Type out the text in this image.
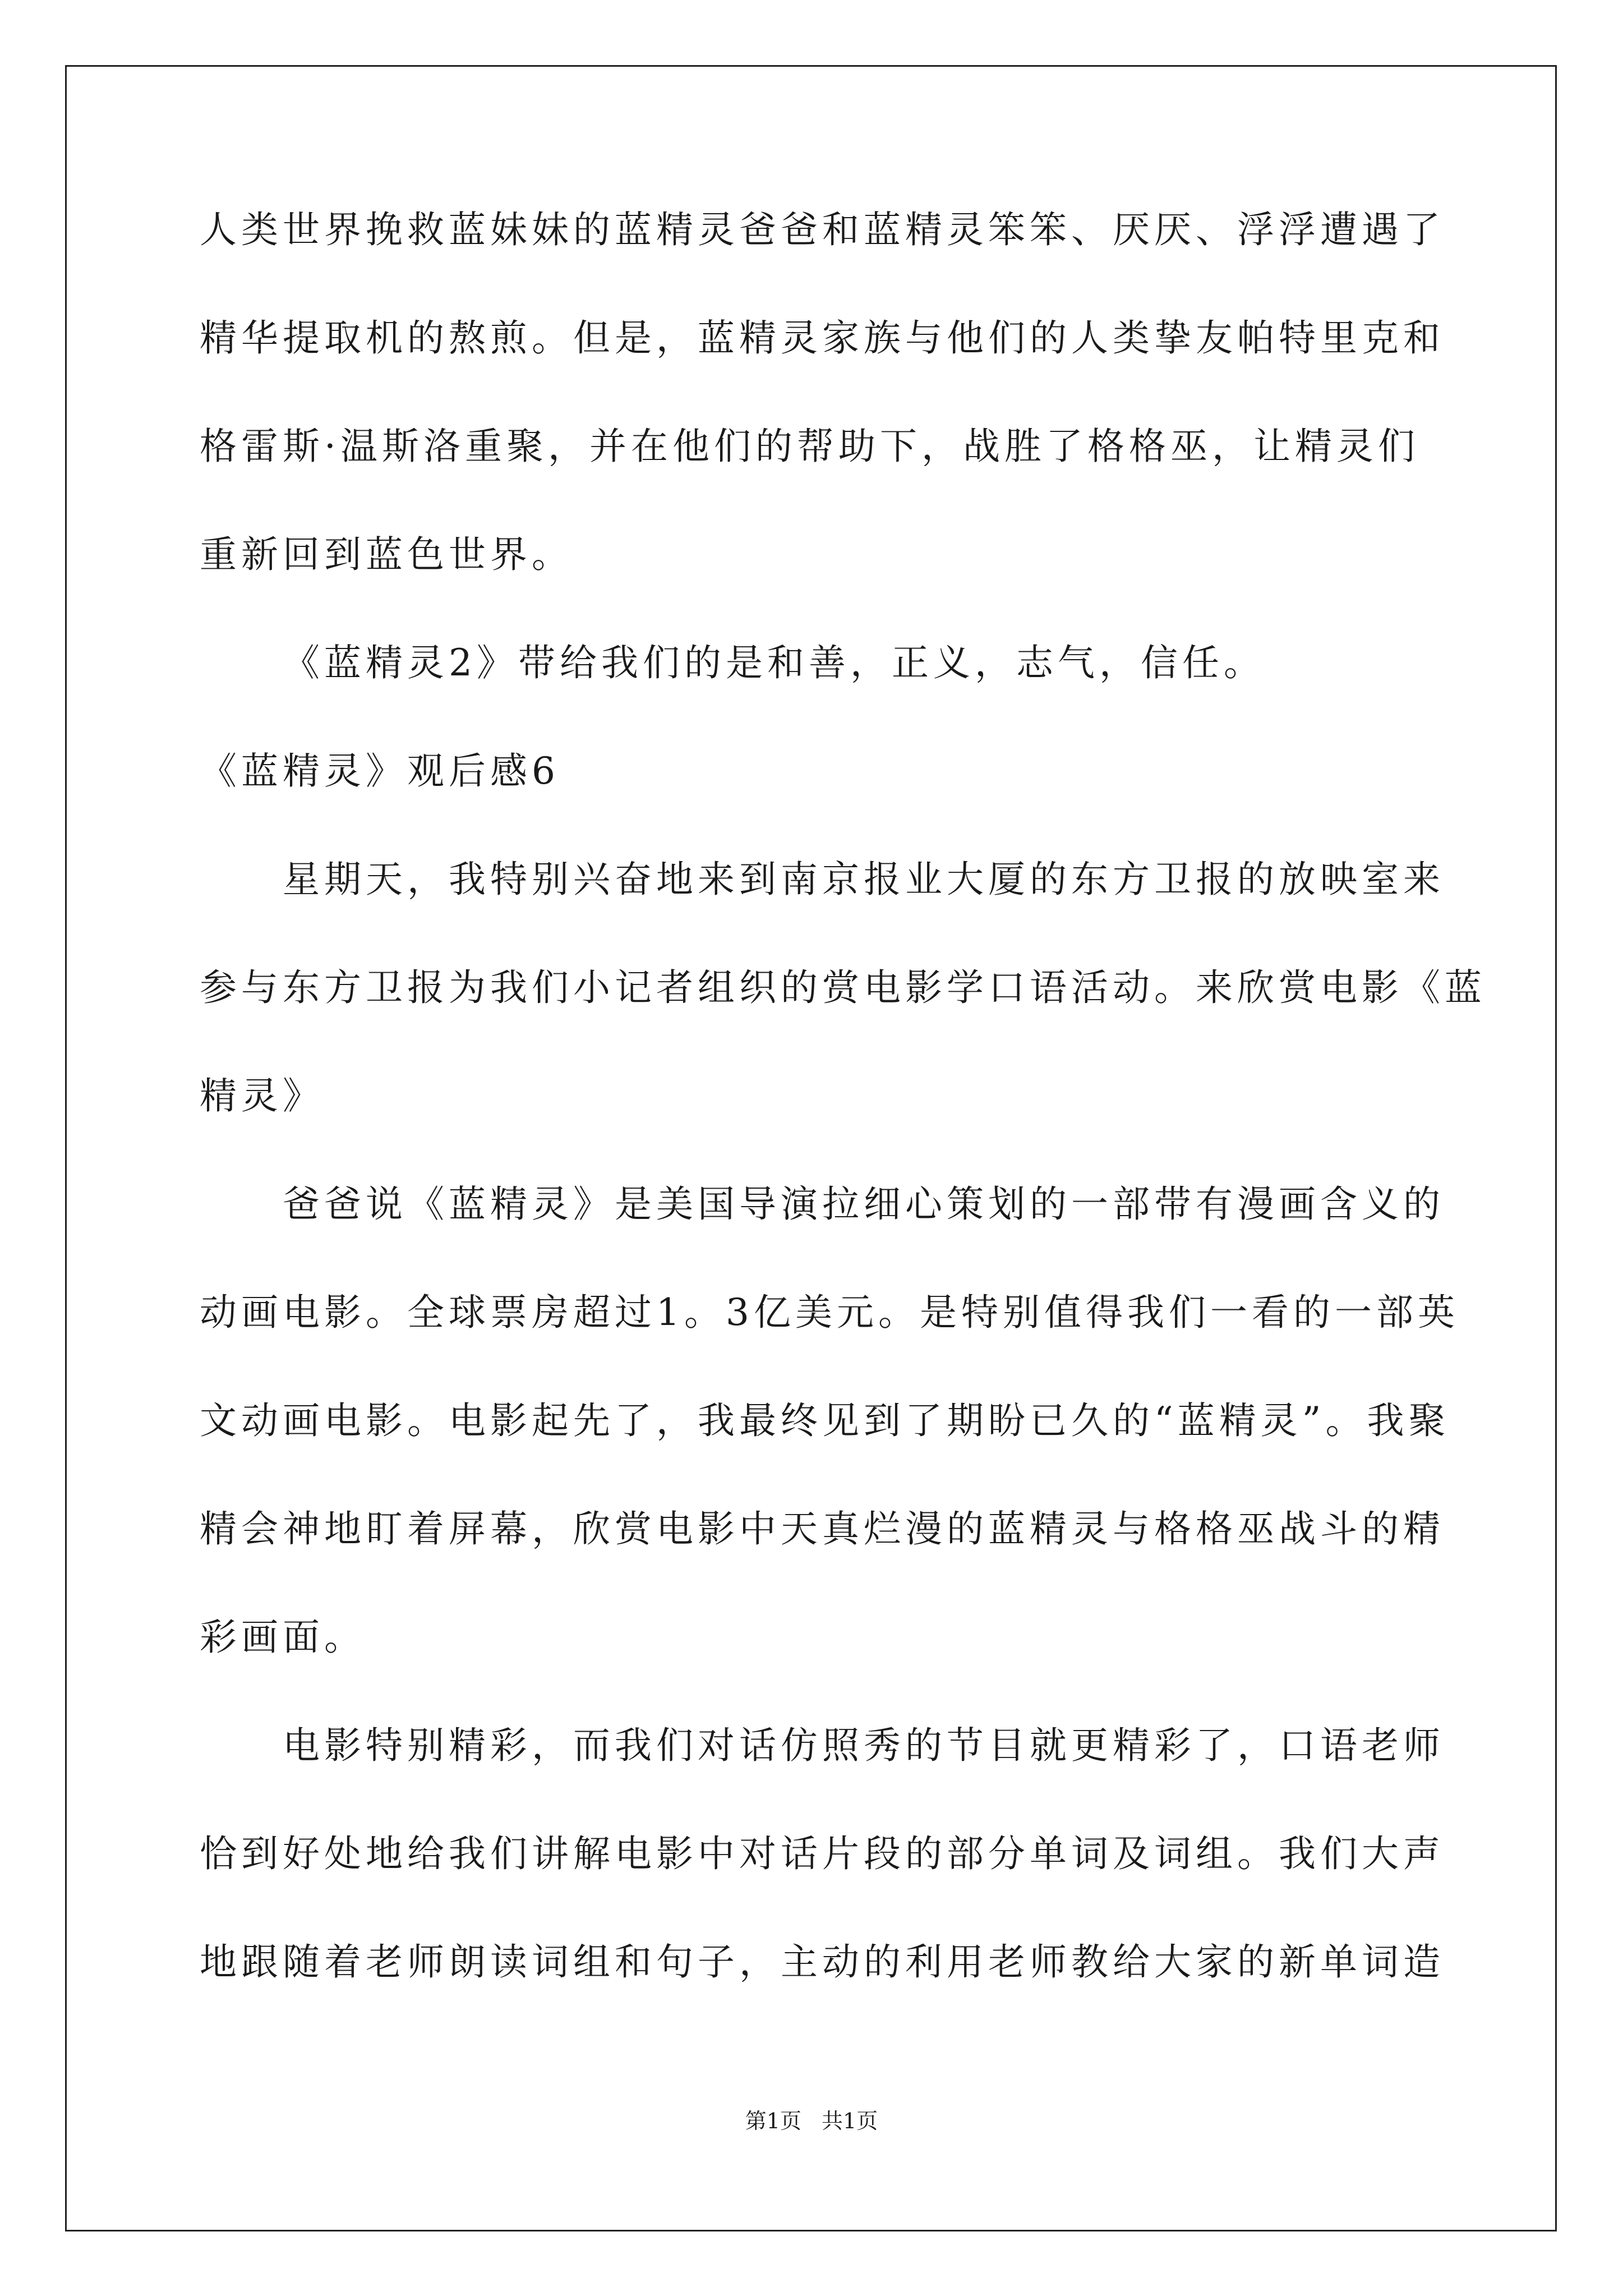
人类世界挽救蓝妹妹的蓝精灵爸爸和蓝精灵笨笨、厌厌、浮浮遭遇了
精华提取机的熬煎。但是，蓝精灵家族与他们的人类挚友帕特里克和
格雷斯·温斯洛重聚，并在他们的帮助下，战胜了格格巫，让精灵们
重新回到蓝色世界。
《蓝精灵2》带给我们的是和善，正义，志气，信任。
《蓝精灵》观后感6
星期天，我特别兴奋地来到南京报业大厦的东方卫报的放映室来
参与东方卫报为我们小记者组织的赏电影学口语活动。来欣赏电影《蓝
精灵》
爸爸说《蓝精灵》是美国导演拉细心策划的一部带有漫画含义的
动画电影。全球票房超过1。3亿美元。是特别值得我们一看的一部英
文动画电影。电影起先了，我最终见到了期盼已久的“蓝精灵”。我聚
精会神地盯着屏幕，欣赏电影中天真烂漫的蓝精灵与格格巫战斗的精
彩画面。
电影特别精彩，而我们对话仿照秀的节目就更精彩了，口语老师
恰到好处地给我们讲解电影中对话片段的部分单词及词组。我们大声
地跟随着老师朗读词组和句子，主动的利用老师教给大家的新单词造
第1页 共1页
